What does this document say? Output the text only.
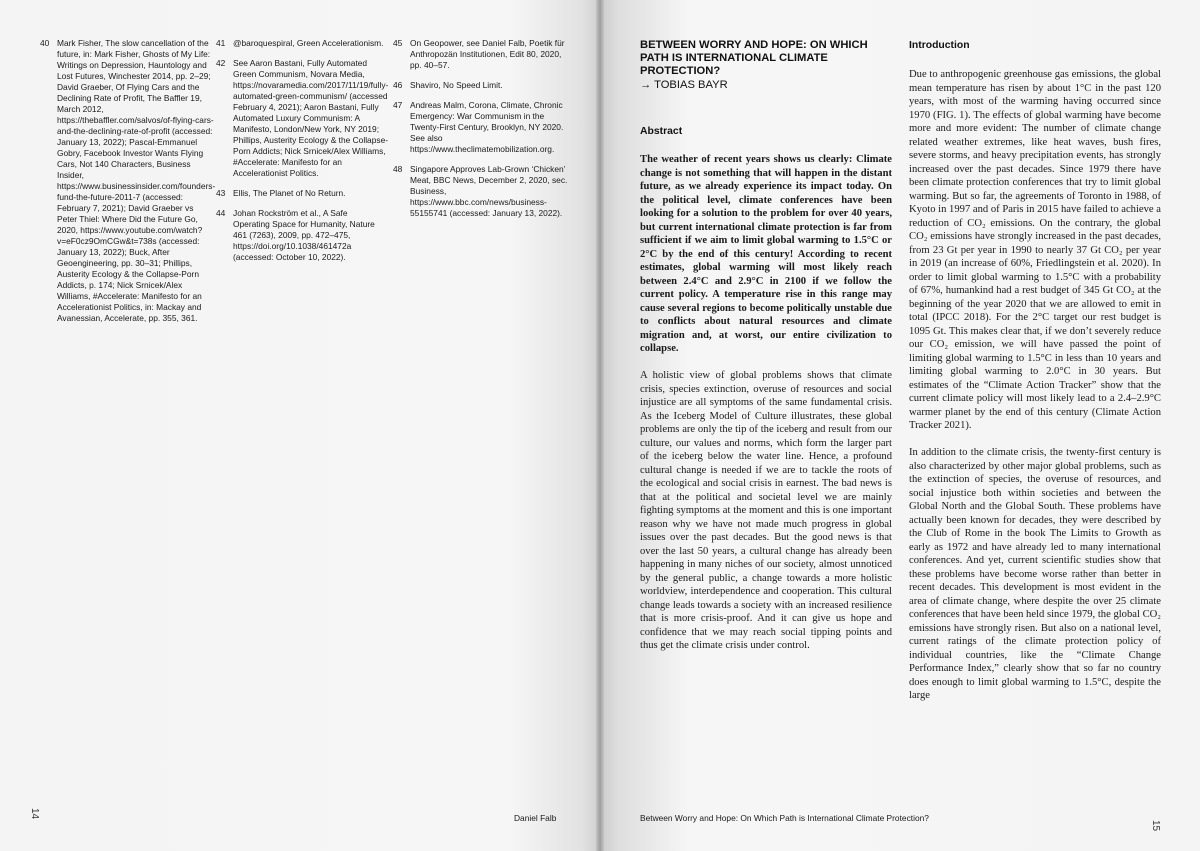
40 Mark Fisher, The slow cancellation of the future, in: Mark Fisher, Ghosts of My Life: Writings on Depression, Hauntology and Lost Futures, Winchester 2014, pp. 2–29; David Graeber, Of Flying Cars and the Declining Rate of Profit, The Baffler 19, March 2012, https://thebaffler.com/salvos/of-flying-cars-and-the-declining-rate-of-profit (accessed: January 13, 2022); Pascal-Emmanuel Gobry, Facebook Investor Wants Flying Cars, Not 140 Characters, Business Insider, https://www.businessinsider.com/founders-fund-the-future-2011-7 (accessed: February 7, 2021); David Graeber vs Peter Thiel: Where Did the Future Go, 2020, https://www.youtube.com/watch?v=eF0cz9OmCGw&t=738s (accessed: January 13, 2022); Buck, After Geoengineering, pp. 30–31; Phillips, Austerity Ecology & the Collapse-Porn Addicts, p. 174; Nick Srnicek/Alex Williams, #Accelerate: Manifesto for an Accelerationist Politics, in: Mackay and Avanessian, Accelerate, pp. 355, 361.
41 @baroquespiral, Green Accelerationism.
42 See Aaron Bastani, Fully Automated Green Communism, Novara Media, https://novaramedia.com/2017/11/19/fully-automated-green-communism/ (accessed February 4, 2021); Aaron Bastani, Fully Automated Luxury Communism: A Manifesto, London/New York, NY 2019; Phillips, Austerity Ecology & the Collapse-Porn Addicts; Nick Srnicek/Alex Williams, #Accelerate: Manifesto for an Accelerationist Politics.
43 Ellis, The Planet of No Return.
44 Johan Rockström et al., A Safe Operating Space for Humanity, Nature 461 (7263), 2009, pp. 472–475, https://doi.org/10.1038/461472a (accessed: October 10, 2022).
45 On Geopower, see Daniel Falb, Poetik für Anthropozän Institutionen, Edit 80, 2020, pp. 40–57.
46 Shaviro, No Speed Limit.
47 Andreas Malm, Corona, Climate, Chronic Emergency: War Communism in the Twenty-First Century, Brooklyn, NY 2020. See also https://www.theclimatemobilization.org.
48 Singapore Approves Lab-Grown ‘Chicken’ Meat, BBC News, December 2, 2020, sec. Business, https://www.bbc.com/news/business-55155741 (accessed: January 13, 2022).
14	Daniel Falb
BETWEEN WORRY AND HOPE: ON WHICH PATH IS INTERNATIONAL CLIMATE PROTECTION?
→ TOBIAS BAYR
Abstract

The weather of recent years shows us clearly: Climate change is not something that will happen in the distant future, as we already experience its impact today. On the political level, climate conferences have been looking for a solution to the problem for over 40 years, but current international climate protection is far from sufficient if we aim to limit global warming to 1.5°C or 2°C by the end of this century! According to recent estimates, global warming will most likely reach between 2.4°C and 2.9°C in 2100 if we follow the current policy. A temperature rise in this range may cause several regions to become politically unstable due to conflicts about natural resources and climate migration and, at worst, our entire civilization to collapse.

A holistic view of global problems shows that climate crisis, species extinction, overuse of resources and social injustice are all symptoms of the same fundamental crisis. As the Iceberg Model of Culture illustrates, these global problems are only the tip of the iceberg and result from our culture, our values and norms, which form the larger part of the iceberg below the water line. Hence, a profound cultural change is needed if we are to tackle the roots of the ecological and social crisis in earnest. The bad news is that at the political and societal level we are mainly fighting symptoms at the moment and this is one important reason why we have not made much progress in global issues over the past decades. But the good news is that over the last 50 years, a cultural change has already been happening in many niches of our society, almost unnoticed by the general public, a change towards a more holistic worldview, interdependence and cooperation. This cultural change leads towards a society with an increased resilience that is more crisis-proof. And it can give us hope and confidence that we may reach social tipping points and thus get the climate crisis under control.

Introduction

Due to anthropogenic greenhouse gas emissions, the global mean temperature has risen by about 1°C in the past 120 years, with most of the warming having occurred since 1970 (FIG. 1). The effects of global warming have become more and more evident: The number of climate change related weather extremes, like heat waves, bush fires, severe storms, and heavy precipitation events, has strongly increased over the past decades. Since 1979 there have been climate protection conferences that try to limit global warming. But so far, the agreements of Toronto in 1988, of Kyoto in 1997 and of Paris in 2015 have failed to achieve a reduction of CO₂ emissions. On the contrary, the global CO₂ emissions have strongly increased in the past decades, from 23 Gt per year in 1990 to nearly 37 Gt CO₂ per year in 2019 (an increase of 60%, Friedlingstein et al. 2020). In order to limit global warming to 1.5°C with a probability of 67%, humankind had a rest budget of 345 Gt CO₂ at the beginning of the year 2020 that we are allowed to emit in total (IPCC 2018). For the 2°C target our rest budget is 1095 Gt. This makes clear that, if we don’t severely reduce our CO₂ emission, we will have passed the point of limiting global warming to 1.5°C in less than 10 years and limiting global warming to 2.0°C in 30 years. But estimates of the “Climate Action Tracker” show that the current climate policy will most likely lead to a 2.4–2.9°C warmer planet by the end of this century (Climate Action Tracker 2021).

In addition to the climate crisis, the twenty-first century is also characterized by other major global problems, such as the extinction of species, the overuse of resources, and social injustice both within societies and between the Global North and the Global South. These problems have actually been known for decades, they were described by the Club of Rome in the book The Limits to Growth as early as 1972 and have already led to many international conferences. And yet, current scientific studies show that these problems have become worse rather than better in recent decades. This development is most evident in the area of climate change, where despite the over 25 climate conferences that have been held since 1979, the global CO₂ emissions have strongly risen. But also on a national level, current ratings of the climate protection policy of individual countries, like the “Climate Change Performance Index,” clearly show that so far no country does enough to limit global warming to 1.5°C, despite the large

Between Worry and Hope: On Which Path is International Climate Protection?
15
